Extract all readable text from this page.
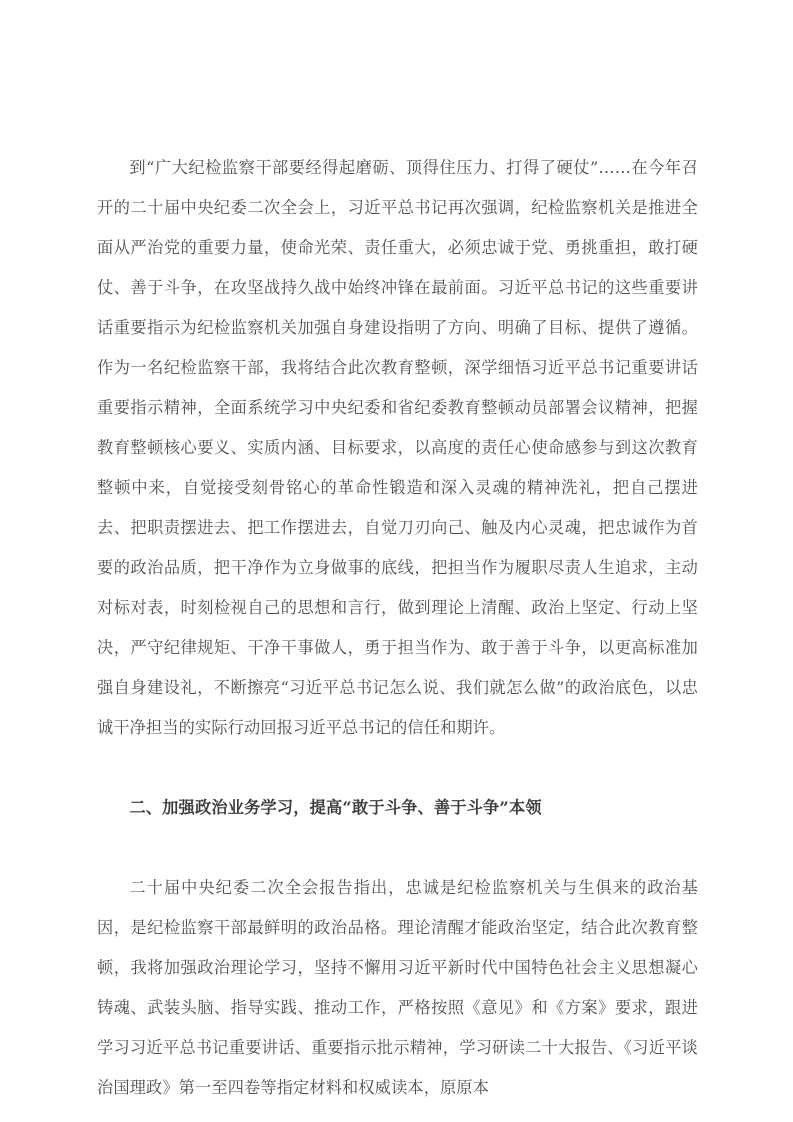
到“广大纪检监察干部要经得起磨砺、顶得住压力、打得了硬仗”……在今年召开的二十届中央纪委二次全会上，习近平总书记再次强调，纪检监察机关是推进全面从严治党的重要力量，使命光荣、责任重大，必须忠诚于党、勇挑重担，敢打硬仗、善于斗争，在攻坚战持久战中始终冲锋在最前面。习近平总书记的这些重要讲话重要指示为纪检监察机关加强自身建设指明了方向、明确了目标、提供了遵循。作为一名纪检监察干部，我将结合此次教育整顿，深学细悟习近平总书记重要讲话重要指示精神，全面系统学习中央纪委和省纪委教育整顿动员部署会议精神，把握教育整顿核心要义、实质内涵、目标要求，以高度的责任心使命感参与到这次教育整顿中来，自觉接受刻骨铭心的革命性锻造和深入灵魂的精神洗礼，把自己摆进去、把职责摆进去、把工作摆进去，自觉刀刃向己、触及内心灵魂，把忠诚作为首要的政治品质，把干净作为立身做事的底线，把担当作为履职尽责人生追求，主动对标对表，时刻检视自己的思想和言行，做到理论上清醒、政治上坚定、行动上坚决，严守纪律规矩、干净干事做人，勇于担当作为、敢于善于斗争，以更高标准加强自身建设礼，不断擦亮“习近平总书记怎么说、我们就怎么做”的政治底色，以忠诚干净担当的实际行动回报习近平总书记的信任和期许。

二、加强政治业务学习，提高“敢于斗争、善于斗争”本领

二十届中央纪委二次全会报告指出，忠诚是纪检监察机关与生俱来的政治基因，是纪检监察干部最鲜明的政治品格。理论清醒才能政治坚定，结合此次教育整顿，我将加强政治理论学习，坚持不懈用习近平新时代中国特色社会主义思想凝心铸魂、武装头脑、指导实践、推动工作，严格按照《意见》和《方案》要求，跟进学习习近平总书记重要讲话、重要指示批示精神，学习研读二十大报告、《习近平谈治国理政》第一至四卷等指定材料和权威读本，原原本
